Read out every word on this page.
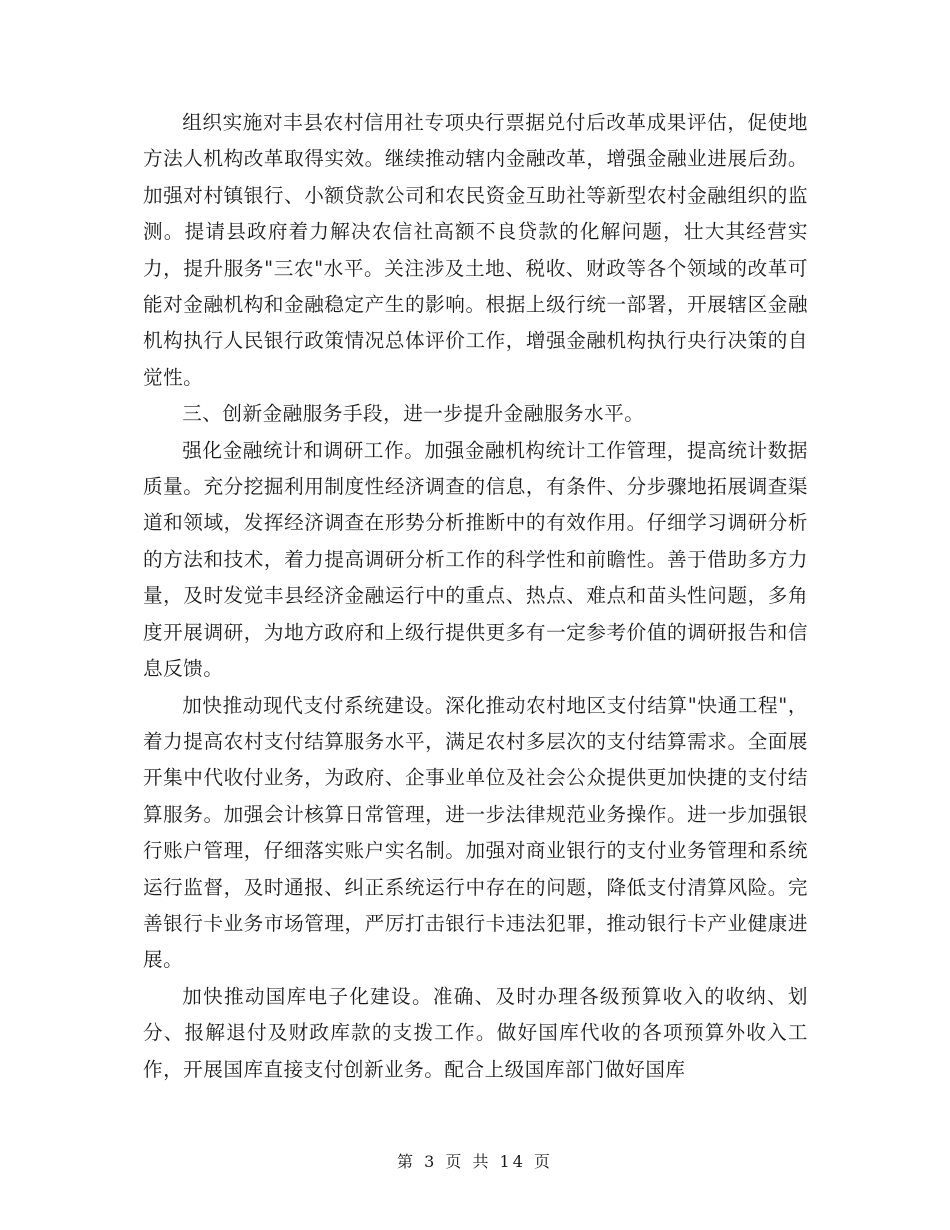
组织实施对丰县农村信用社专项央行票据兑付后改革成果评估，促使地方法人机构改革取得实效。继续推动辖内金融改革，增强金融业进展后劲。加强对村镇银行、小额贷款公司和农民资金互助社等新型农村金融组织的监测。提请县政府着力解决农信社高额不良贷款的化解问题，壮大其经营实力，提升服务"三农"水平。关注涉及土地、税收、财政等各个领域的改革可能对金融机构和金融稳定产生的影响。根据上级行统一部署，开展辖区金融机构执行人民银行政策情况总体评价工作，增强金融机构执行央行决策的自觉性。

三、创新金融服务手段，进一步提升金融服务水平。

强化金融统计和调研工作。加强金融机构统计工作管理，提高统计数据质量。充分挖掘利用制度性经济调查的信息，有条件、分步骤地拓展调查渠道和领域，发挥经济调查在形势分析推断中的有效作用。仔细学习调研分析的方法和技术，着力提高调研分析工作的科学性和前瞻性。善于借助多方力量，及时发觉丰县经济金融运行中的重点、热点、难点和苗头性问题，多角度开展调研，为地方政府和上级行提供更多有一定参考价值的调研报告和信息反馈。

加快推动现代支付系统建设。深化推动农村地区支付结算"快通工程"，着力提高农村支付结算服务水平，满足农村多层次的支付结算需求。全面展开集中代收付业务，为政府、企事业单位及社会公众提供更加快捷的支付结算服务。加强会计核算日常管理，进一步法律规范业务操作。进一步加强银行账户管理，仔细落实账户实名制。加强对商业银行的支付业务管理和系统运行监督，及时通报、纠正系统运行中存在的问题，降低支付清算风险。完善银行卡业务市场管理，严厉打击银行卡违法犯罪，推动银行卡产业健康进展。

加快推动国库电子化建设。准确、及时办理各级预算收入的收纳、划分、报解退付及财政库款的支拨工作。做好国库代收的各项预算外收入工作，开展国库直接支付创新业务。配合上级国库部门做好国库

第 3 页 共 14 页
